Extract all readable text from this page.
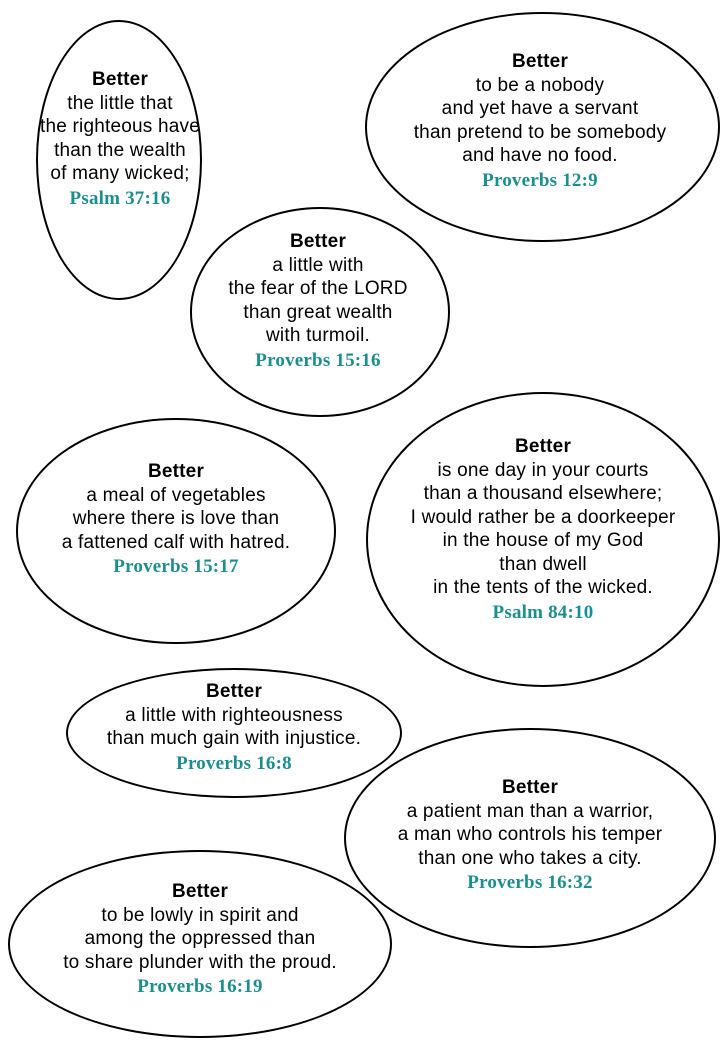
Better
the little that
the righteous have
than the wealth
of many wicked;
Psalm 37:16
Better
to be a nobody
and yet have a servant
than pretend to be somebody
and have no food.
Proverbs 12:9
Better
a little with
the fear of the LORD
than great wealth
with turmoil.
Proverbs 15:16
Better
a meal of vegetables
where there is love than
a fattened calf with hatred.
Proverbs 15:17
Better
is one day in your courts
than a thousand elsewhere;
I would rather be a doorkeeper
in the house of my God
than dwell
in the tents of the wicked.
Psalm 84:10
Better
a little with righteousness
than much gain with injustice.
Proverbs 16:8
Better
a patient man than a warrior,
a man who controls his temper
than one who takes a city.
Proverbs 16:32
Better
to be lowly in spirit and
among the oppressed than
to share plunder with the proud.
Proverbs 16:19
